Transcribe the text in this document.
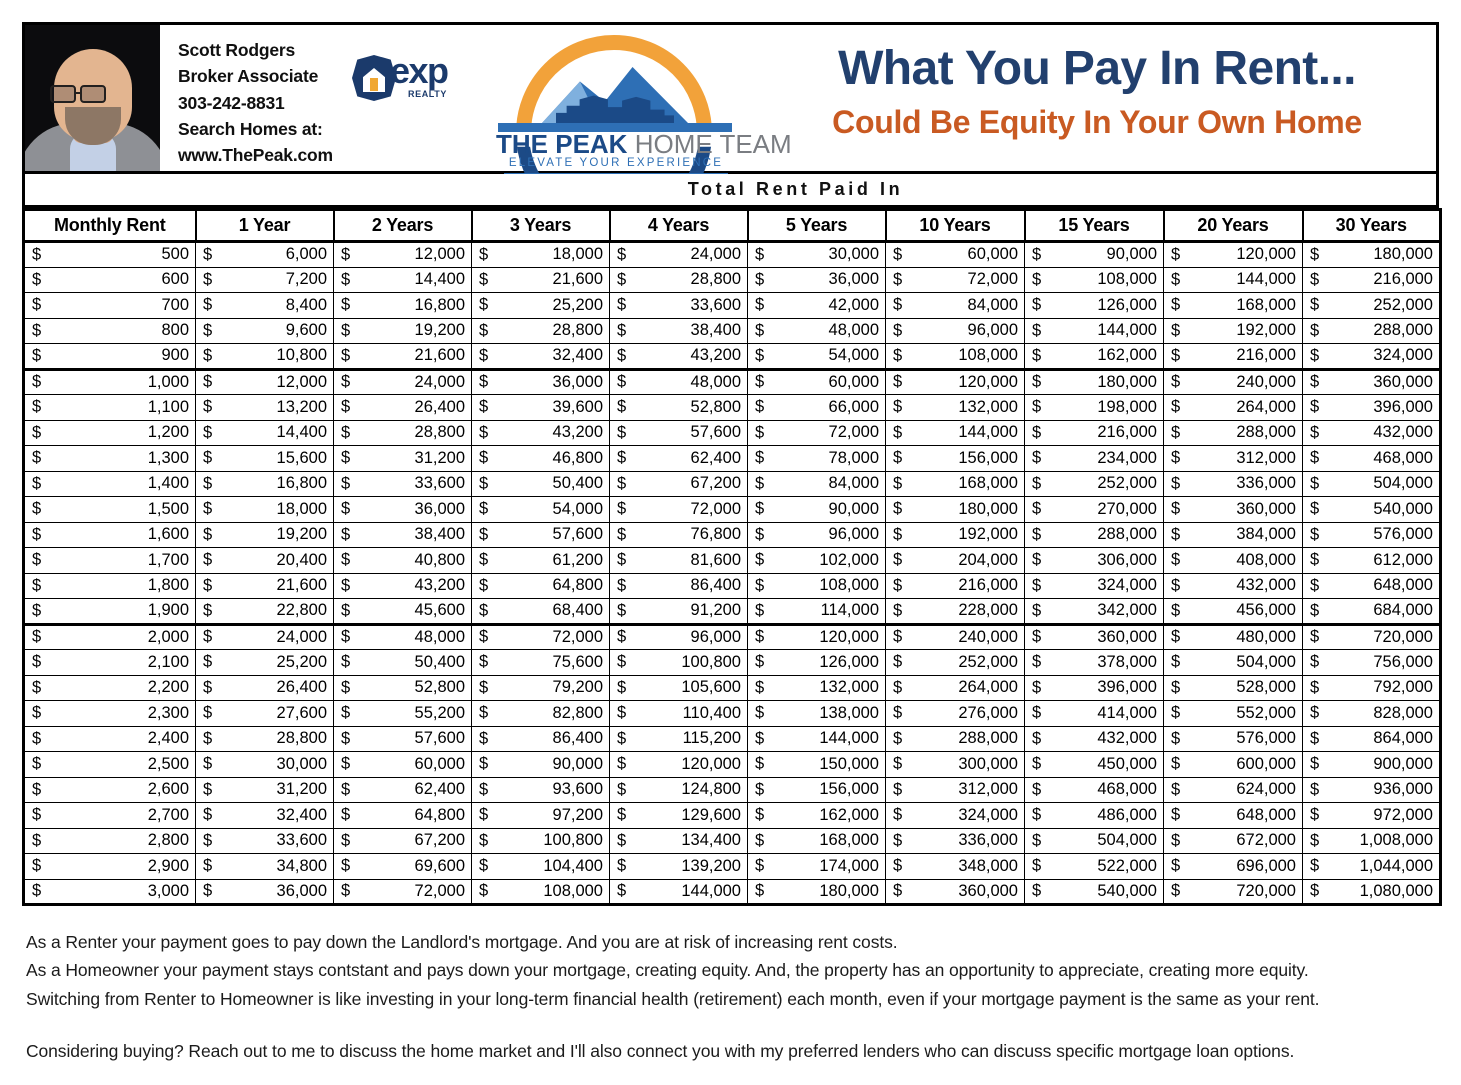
Scott Rodgers
Broker Associate
303-242-8831
Search Homes at:
www.ThePeak.com
exp
REALTY
THE PEAK HOME TEAM
ELEVATE YOUR EXPERIENCE
What You Pay In Rent...
Could Be Equity In Your Own Home
Total Rent Paid In
Monthly Rent	1 Year	2 Years	3 Years	4 Years	5 Years	10 Years	15 Years	20 Years	30 Years

$ 500	$ 6,000	$ 12,000	$ 18,000	$ 24,000	$ 30,000	$ 60,000	$ 90,000	$ 120,000	$ 180,000

$ 600	$ 7,200	$ 14,400	$ 21,600	$ 28,800	$ 36,000	$ 72,000	$ 108,000	$ 144,000	$ 216,000

$ 700	$ 8,400	$ 16,800	$ 25,200	$ 33,600	$ 42,000	$ 84,000	$ 126,000	$ 168,000	$ 252,000

$ 800	$ 9,600	$ 19,200	$ 28,800	$ 38,400	$ 48,000	$ 96,000	$ 144,000	$ 192,000	$ 288,000

$ 900	$ 10,800	$ 21,600	$ 32,400	$ 43,200	$ 54,000	$ 108,000	$ 162,000	$ 216,000	$ 324,000

$ 1,000	$ 12,000	$ 24,000	$ 36,000	$ 48,000	$ 60,000	$ 120,000	$ 180,000	$ 240,000	$ 360,000

$ 1,100	$ 13,200	$ 26,400	$ 39,600	$ 52,800	$ 66,000	$ 132,000	$ 198,000	$ 264,000	$ 396,000

$ 1,200	$ 14,400	$ 28,800	$ 43,200	$ 57,600	$ 72,000	$ 144,000	$ 216,000	$ 288,000	$ 432,000

$ 1,300	$ 15,600	$ 31,200	$ 46,800	$ 62,400	$ 78,000	$ 156,000	$ 234,000	$ 312,000	$ 468,000

$ 1,400	$ 16,800	$ 33,600	$ 50,400	$ 67,200	$ 84,000	$ 168,000	$ 252,000	$ 336,000	$ 504,000

$ 1,500	$ 18,000	$ 36,000	$ 54,000	$ 72,000	$ 90,000	$ 180,000	$ 270,000	$ 360,000	$ 540,000

$ 1,600	$ 19,200	$ 38,400	$ 57,600	$ 76,800	$ 96,000	$ 192,000	$ 288,000	$ 384,000	$ 576,000

$ 1,700	$ 20,400	$ 40,800	$ 61,200	$ 81,600	$ 102,000	$ 204,000	$ 306,000	$ 408,000	$ 612,000

$ 1,800	$ 21,600	$ 43,200	$ 64,800	$ 86,400	$ 108,000	$ 216,000	$ 324,000	$ 432,000	$ 648,000

$ 1,900	$ 22,800	$ 45,600	$ 68,400	$ 91,200	$ 114,000	$ 228,000	$ 342,000	$ 456,000	$ 684,000

$ 2,000	$ 24,000	$ 48,000	$ 72,000	$ 96,000	$ 120,000	$ 240,000	$ 360,000	$ 480,000	$ 720,000

$ 2,100	$ 25,200	$ 50,400	$ 75,600	$ 100,800	$ 126,000	$ 252,000	$ 378,000	$ 504,000	$ 756,000

$ 2,200	$ 26,400	$ 52,800	$ 79,200	$ 105,600	$ 132,000	$ 264,000	$ 396,000	$ 528,000	$ 792,000

$ 2,300	$ 27,600	$ 55,200	$ 82,800	$ 110,400	$ 138,000	$ 276,000	$ 414,000	$ 552,000	$ 828,000

$ 2,400	$ 28,800	$ 57,600	$ 86,400	$ 115,200	$ 144,000	$ 288,000	$ 432,000	$ 576,000	$ 864,000

$ 2,500	$ 30,000	$ 60,000	$ 90,000	$ 120,000	$ 150,000	$ 300,000	$ 450,000	$ 600,000	$ 900,000

$ 2,600	$ 31,200	$ 62,400	$ 93,600	$ 124,800	$ 156,000	$ 312,000	$ 468,000	$ 624,000	$ 936,000

$ 2,700	$ 32,400	$ 64,800	$ 97,200	$ 129,600	$ 162,000	$ 324,000	$ 486,000	$ 648,000	$ 972,000

$ 2,800	$ 33,600	$ 67,200	$ 100,800	$ 134,400	$ 168,000	$ 336,000	$ 504,000	$ 672,000	$ 1,008,000

$ 2,900	$ 34,800	$ 69,600	$ 104,400	$ 139,200	$ 174,000	$ 348,000	$ 522,000	$ 696,000	$ 1,044,000

$ 3,000	$ 36,000	$ 72,000	$ 108,000	$ 144,000	$ 180,000	$ 360,000	$ 540,000	$ 720,000	$ 1,080,000
As a Renter your payment goes to pay down the Landlord's mortgage. And you are at risk of increasing rent costs.
As a Homeowner your payment stays contstant and pays down your mortgage, creating equity. And, the property has an opportunity to appreciate, creating more equity.
Switching from Renter to Homeowner is like investing in your long-term financial health (retirement) each month, even if your mortgage payment is the same as your rent.
Considering buying? Reach out to me to discuss the home market and I'll also connect you with my preferred lenders who can discuss specific mortgage loan options.
